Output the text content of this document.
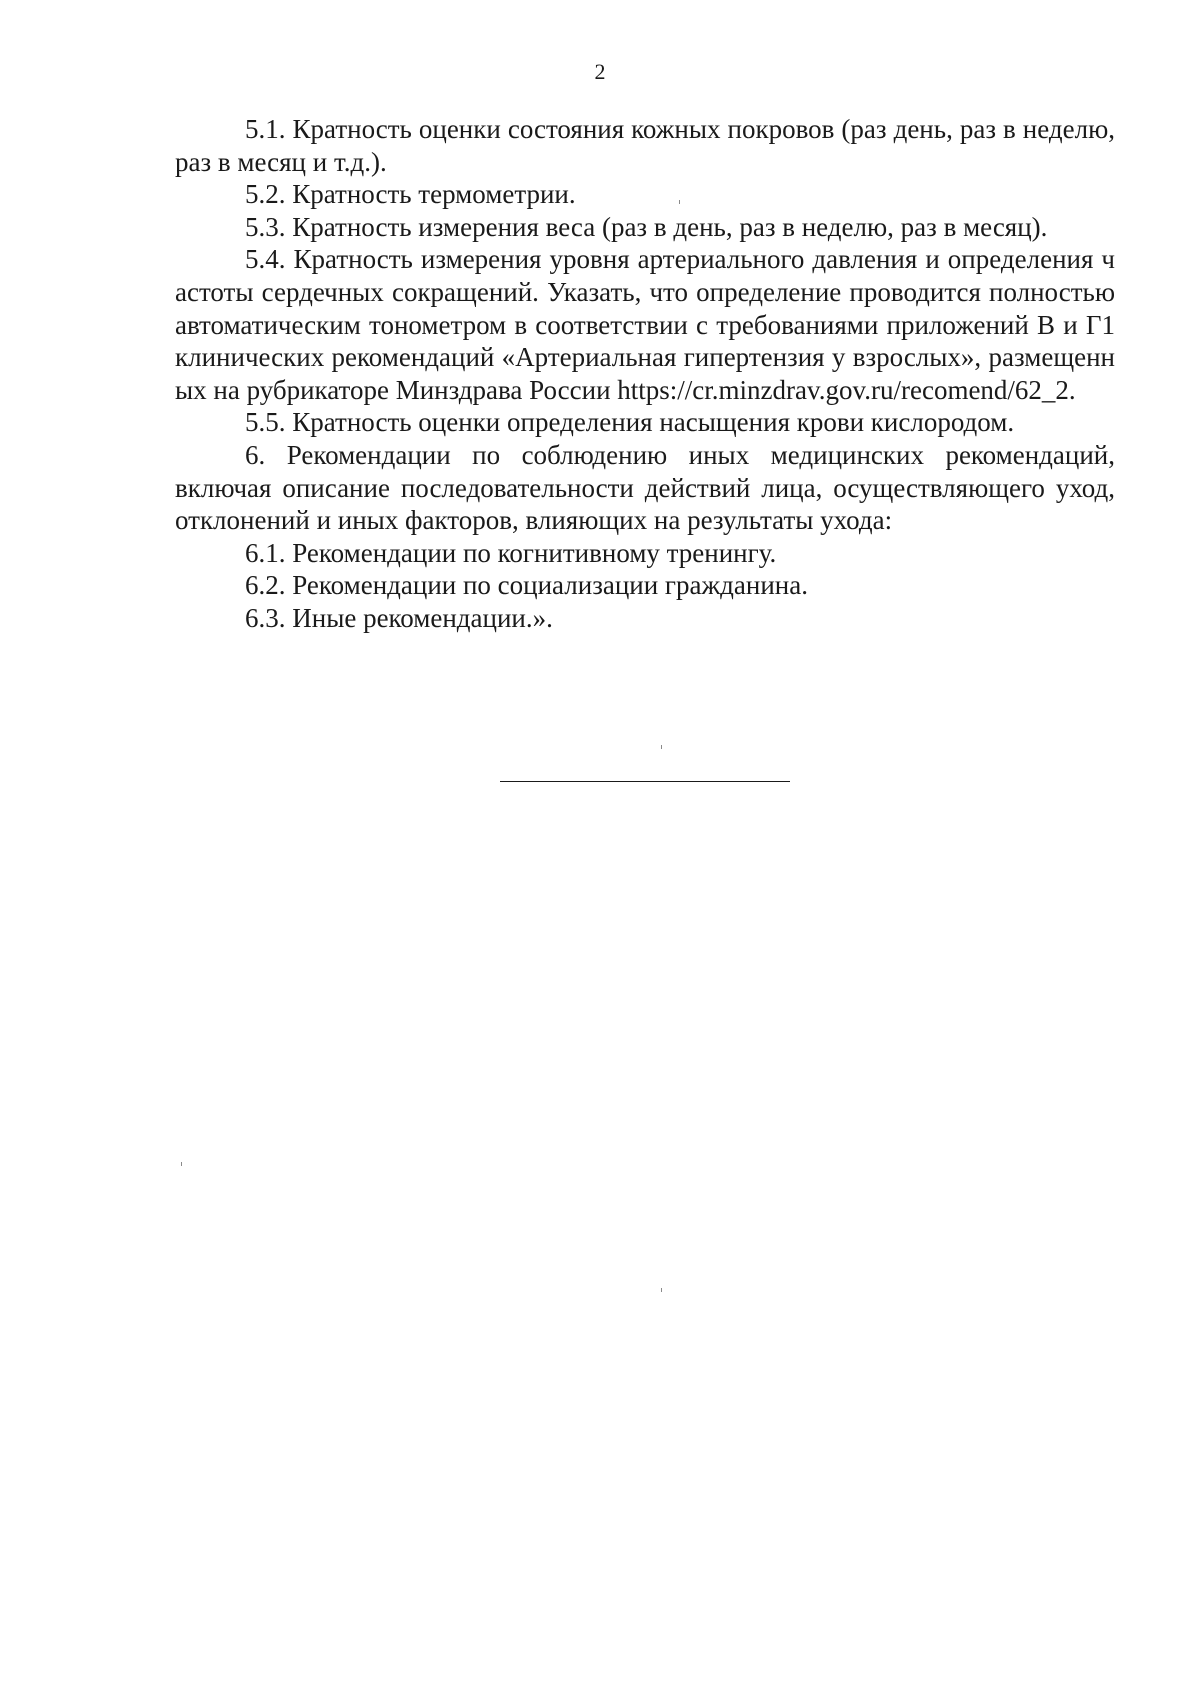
2

5.1. Кратность оценки состояния кожных покровов (раз день, раз в неделю, раз в месяц и т.д.).

5.2. Кратность термометрии.

5.3. Кратность измерения веса (раз в день, раз в неделю, раз в месяц).

5.4. Кратность измерения уровня артериального давления и определения частоты сердечных сокращений. Указать, что определение проводится полностью автоматическим тонометром в соответствии с требованиями приложений В и Г1 клинических рекомендаций «Артериальная гипертензия у взрослых», размещенных на рубрикаторе Минздрава России https://cr.minzdrav.gov.ru/recomend/62_2.

5.5. Кратность оценки определения насыщения крови кислородом.

6. Рекомендации по соблюдению иных медицинских рекомендаций, включая описание последовательности действий лица, осуществляющего уход, отклонений и иных факторов, влияющих на результаты ухода:

6.1. Рекомендации по когнитивному тренингу.

6.2. Рекомендации по социализации гражданина.

6.3. Иные рекомендации.».
